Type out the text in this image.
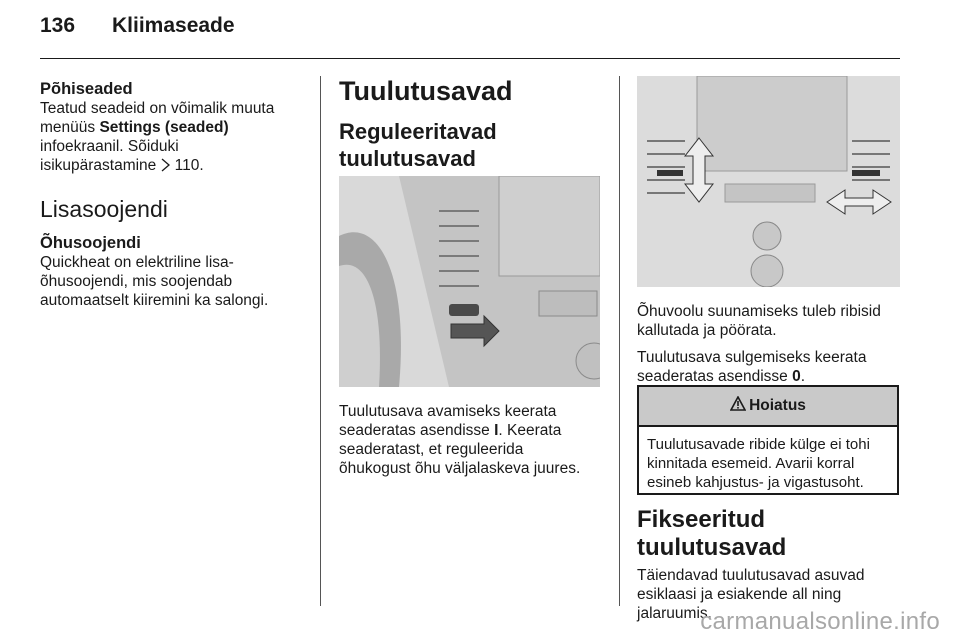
136 Kliimaseade

Põhiseaded

Teatud seadeid on võimalik muuta

menüüs Settings (seaded)

infoekraanil. Sõiduki

isikupärastamine 110.

Lisasoojendi

Õhusoojendi

Quickheat on elektriline lisa-

õhusoojendi, mis soojendab

automaatselt kiiremini ka salongi.

Tuulutusavad

Reguleeritavad

tuulutusavad

Tuulutusava avamiseks keerata

seaderatas asendisse I. Keerata

seaderatast, et reguleerida

õhukogust õhu väljalaskeva juures.

Õhuvoolu suunamiseks tuleb ribisid

kallutada ja pöörata.

Tuulutusava sulgemiseks keerata

seaderatas asendisse 0.

Hoiatus

Tuulutusavade ribide külge ei tohi

kinnitada esemeid. Avarii korral

esineb kahjustus- ja vigastusoht.

Fikseeritud tuulutusavad

Täiendavad tuulutusavad asuvad

esiklaasi ja esiakende all ning

jalaruumis.

carmanualsonline.info
